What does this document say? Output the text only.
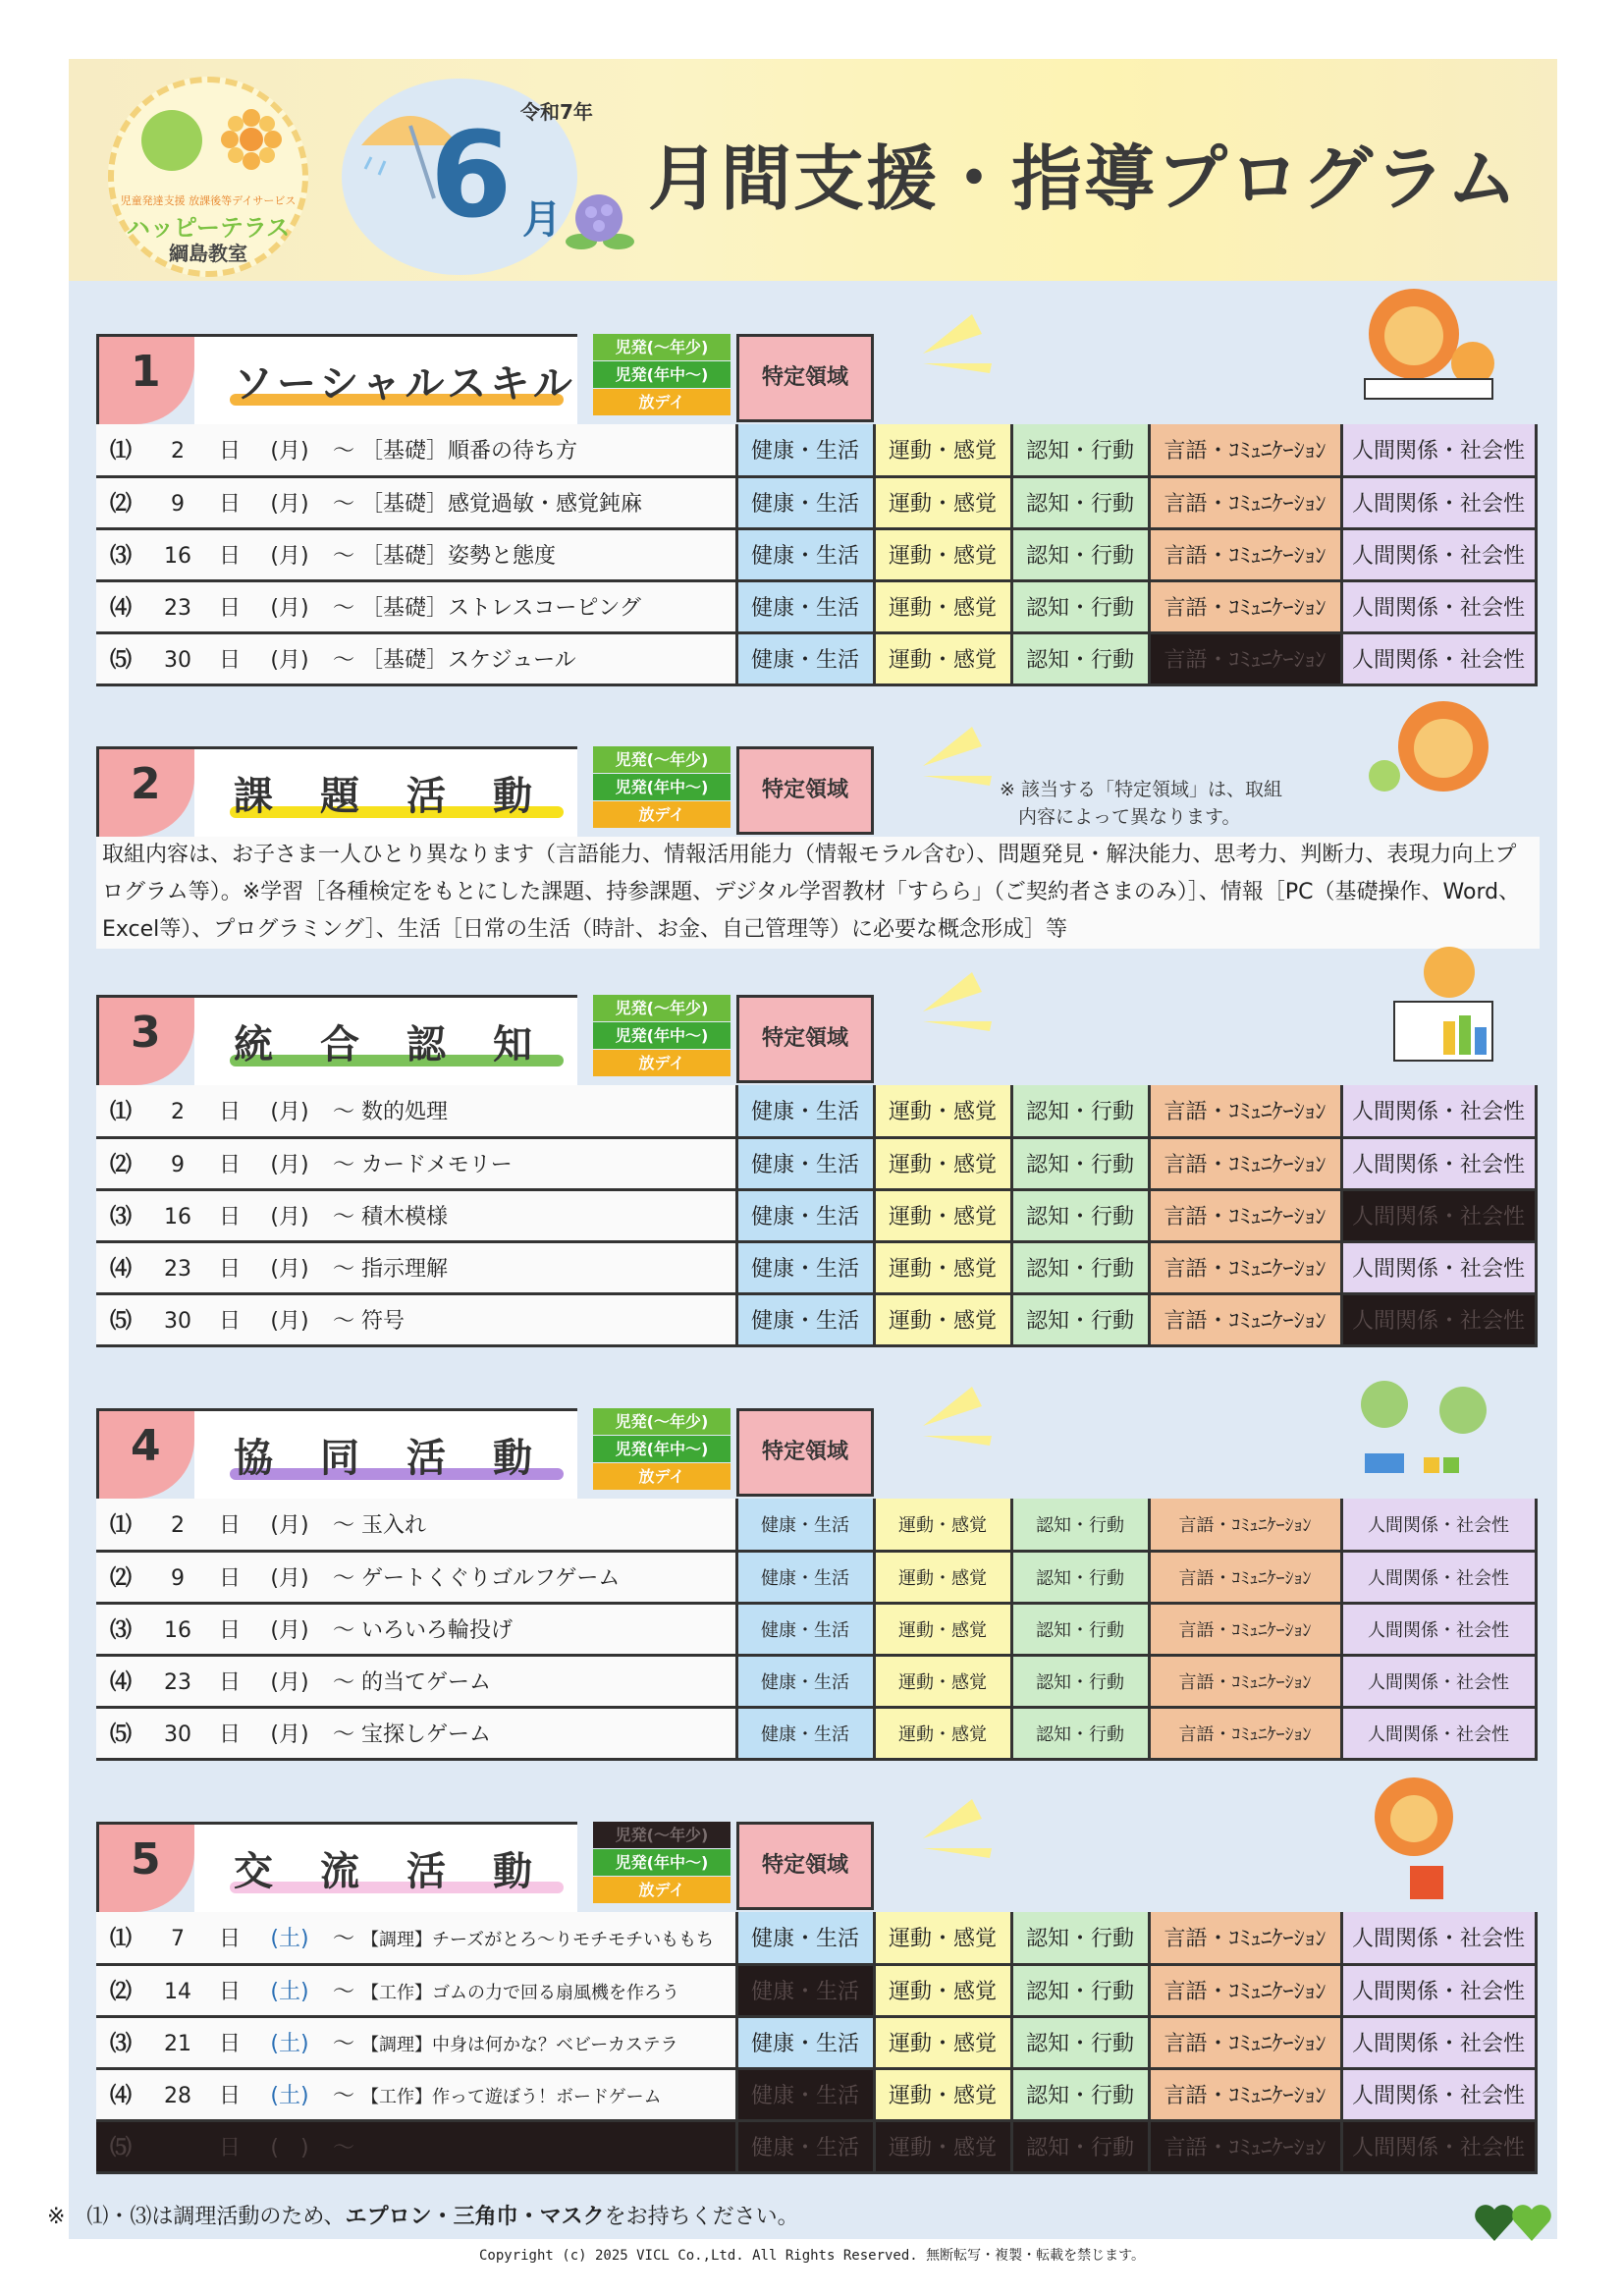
児童発達支援 放課後等デイサービス
ハッピーテラス
綱島教室
令和7年
6 月 月間支援・指導プログラム
1 ソーシャルスキル
児発(〜年少)
児発(年中〜)
放デイ
特定領域
⑴ 2 日 (月) 〜 ［基礎］順番の待ち方	健康・生活	運動・感覚	認知・行動	言語・ｺﾐｭﾆｹｰｼｮﾝ	人間関係・社会性
⑵ 9 日 (月) 〜 ［基礎］感覚過敏・感覚鈍麻	健康・生活	運動・感覚	認知・行動	言語・ｺﾐｭﾆｹｰｼｮﾝ	人間関係・社会性
⑶ 16 日 (月) 〜 ［基礎］姿勢と態度	健康・生活	運動・感覚	認知・行動	言語・ｺﾐｭﾆｹｰｼｮﾝ	人間関係・社会性
⑷ 23 日 (月) 〜 ［基礎］ストレスコーピング	健康・生活	運動・感覚	認知・行動	言語・ｺﾐｭﾆｹｰｼｮﾝ	人間関係・社会性
⑸ 30 日 (月) 〜 ［基礎］スケジュール	健康・生活	運動・感覚	認知・行動	言語・ｺﾐｭﾆｹｰｼｮﾝ	人間関係・社会性
2 課　題　活　動
児発(〜年少)
児発(年中〜)
放デイ
特定領域	※ 該当する「特定領域」は、取組
　内容によって異なります。
取組内容は、お子さま一人ひとり異なります（言語能力、情報活用能力（情報モラル含む）、問題発見・解決能力、思考力、判断力、表現力向上プログラム等）。※学習［各種検定をもとにした課題、持参課題、デジタル学習教材「すらら」（ご契約者さまのみ）］、情報［PC（基礎操作、Word、Excel等）、プログラミング］、生活［日常の生活（時計、お金、自己管理等）に必要な概念形成］等
3 統　合　認　知
児発(〜年少)
児発(年中〜)
放デイ
特定領域
⑴ 2 日 (月) 〜 数的処理	健康・生活	運動・感覚	認知・行動	言語・ｺﾐｭﾆｹｰｼｮﾝ	人間関係・社会性
⑵ 9 日 (月) 〜 カードメモリー	健康・生活	運動・感覚	認知・行動	言語・ｺﾐｭﾆｹｰｼｮﾝ	人間関係・社会性
⑶ 16 日 (月) 〜 積木模様	健康・生活	運動・感覚	認知・行動	言語・ｺﾐｭﾆｹｰｼｮﾝ	人間関係・社会性
⑷ 23 日 (月) 〜 指示理解	健康・生活	運動・感覚	認知・行動	言語・ｺﾐｭﾆｹｰｼｮﾝ	人間関係・社会性
⑸ 30 日 (月) 〜 符号	健康・生活	運動・感覚	認知・行動	言語・ｺﾐｭﾆｹｰｼｮﾝ	人間関係・社会性
4 協　同　活　動
児発(〜年少)
児発(年中〜)
放デイ
特定領域
⑴ 2 日 (月) 〜 玉入れ	健康・生活	運動・感覚	認知・行動	言語・ｺﾐｭﾆｹｰｼｮﾝ	人間関係・社会性
⑵ 9 日 (月) 〜 ゲートくぐりゴルフゲーム	健康・生活	運動・感覚	認知・行動	言語・ｺﾐｭﾆｹｰｼｮﾝ	人間関係・社会性
⑶ 16 日 (月) 〜 いろいろ輪投げ	健康・生活	運動・感覚	認知・行動	言語・ｺﾐｭﾆｹｰｼｮﾝ	人間関係・社会性
⑷ 23 日 (月) 〜 的当てゲーム	健康・生活	運動・感覚	認知・行動	言語・ｺﾐｭﾆｹｰｼｮﾝ	人間関係・社会性
⑸ 30 日 (月) 〜 宝探しゲーム	健康・生活	運動・感覚	認知・行動	言語・ｺﾐｭﾆｹｰｼｮﾝ	人間関係・社会性
5 交　流　活　動
児発(〜年少)
児発(年中〜)
放デイ
特定領域
⑴ 7 日 (土) 〜 【調理】チーズがとろ〜りモチモチいももち	健康・生活	運動・感覚	認知・行動	言語・ｺﾐｭﾆｹｰｼｮﾝ	人間関係・社会性
⑵ 14 日 (土) 〜 【工作】ゴムの力で回る扇風機を作ろう	健康・生活	運動・感覚	認知・行動	言語・ｺﾐｭﾆｹｰｼｮﾝ	人間関係・社会性
⑶ 21 日 (土) 〜 【調理】中身は何かな？ベビーカステラ	健康・生活	運動・感覚	認知・行動	言語・ｺﾐｭﾆｹｰｼｮﾝ	人間関係・社会性
⑷ 28 日 (土) 〜 【工作】作って遊ぼう！ボードゲーム	健康・生活	運動・感覚	認知・行動	言語・ｺﾐｭﾆｹｰｼｮﾝ	人間関係・社会性
⑸ 日 (　) 〜	健康・生活	運動・感覚	認知・行動	言語・ｺﾐｭﾆｹｰｼｮﾝ	人間関係・社会性
※　⑴・⑶は調理活動のため、エプロン・三角巾・マスクをお持ちください。
Copyright (c) 2025 VICL Co.,Ltd. All Rights Reserved. 無断転写・複製・転載を禁じます。
